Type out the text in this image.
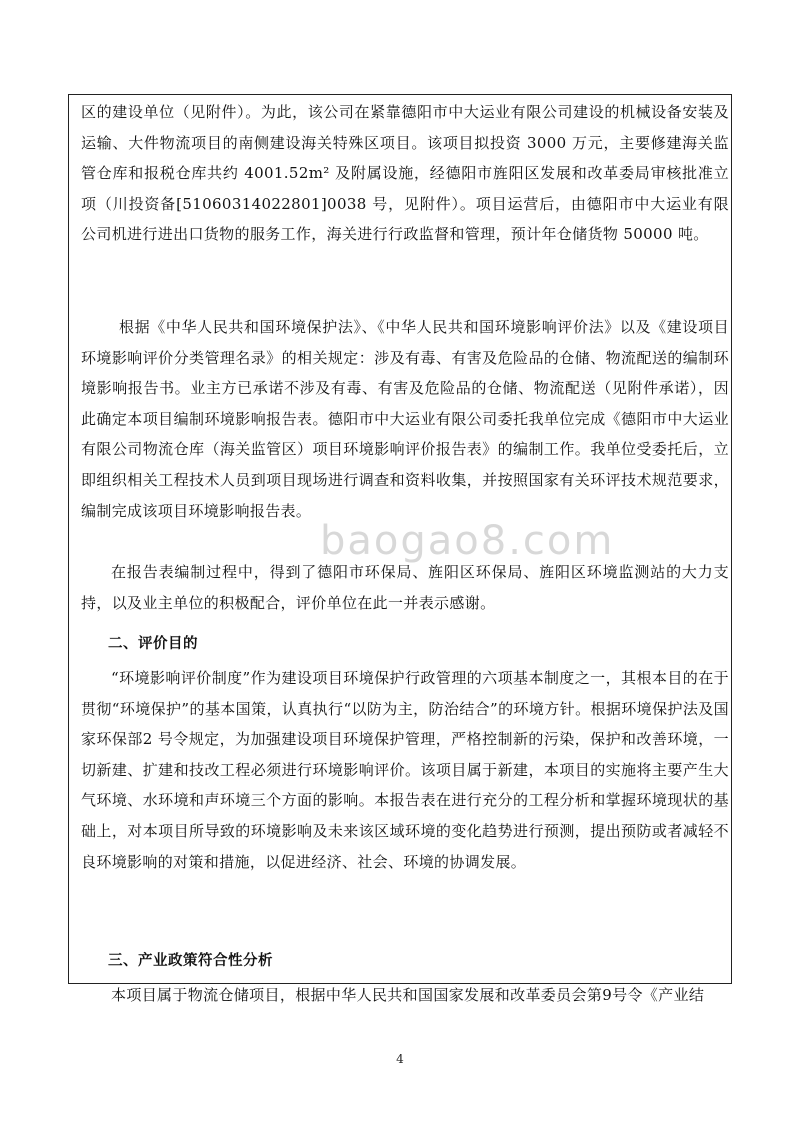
区的建设单位（见附件）。为此，该公司在紧靠德阳市中大运业有限公司建设的机械设备安装及运输、大件物流项目的南侧建设海关特殊区项目。该项目拟投资 3000 万元，主要修建海关监管仓库和报税仓库共约 4001.52m² 及附属设施，经德阳市旌阳区发展和改革委局审核批准立项（川投资备[51060314022801]0038 号，见附件）。项目运营后，由德阳市中大运业有限公司机进行进出口货物的服务工作，海关进行行政监督和管理，预计年仓储货物 50000 吨。

根据《中华人民共和国环境保护法》、《中华人民共和国环境影响评价法》以及《建设项目环境影响评价分类管理名录》的相关规定：涉及有毒、有害及危险品的仓储、物流配送的编制环境影响报告书。业主方已承诺不涉及有毒、有害及危险品的仓储、物流配送（见附件承诺），因此确定本项目编制环境影响报告表。德阳市中大运业有限公司委托我单位完成《德阳市中大运业有限公司物流仓库（海关监管区）项目环境影响评价报告表》的编制工作。我单位受委托后，立即组织相关工程技术人员到项目现场进行调查和资料收集，并按照国家有关环评技术规范要求，编制完成该项目环境影响报告表。

在报告表编制过程中，得到了德阳市环保局、旌阳区环保局、旌阳区环境监测站的大力支持，以及业主单位的积极配合，评价单位在此一并表示感谢。

二、评价目的

“环境影响评价制度”作为建设项目环境保护行政管理的六项基本制度之一，其根本目的在于贯彻“环境保护”的基本国策，认真执行“以防为主，防治结合”的环境方针。根据环境保护法及国家环保部2 号令规定，为加强建设项目环境保护管理，严格控制新的污染，保护和改善环境，一切新建、扩建和技改工程必须进行环境影响评价。该项目属于新建，本项目的实施将主要产生大气环境、水环境和声环境三个方面的影响。本报告表在进行充分的工程分析和掌握环境现状的基础上，对本项目所导致的环境影响及未来该区域环境的变化趋势进行预测，提出预防或者减轻不良环境影响的对策和措施，以促进经济、社会、环境的协调发展。

三、产业政策符合性分析

本项目属于物流仓储项目，根据中华人民共和国国家发展和改革委员会第9号令《产业结

baogao8.com
4
